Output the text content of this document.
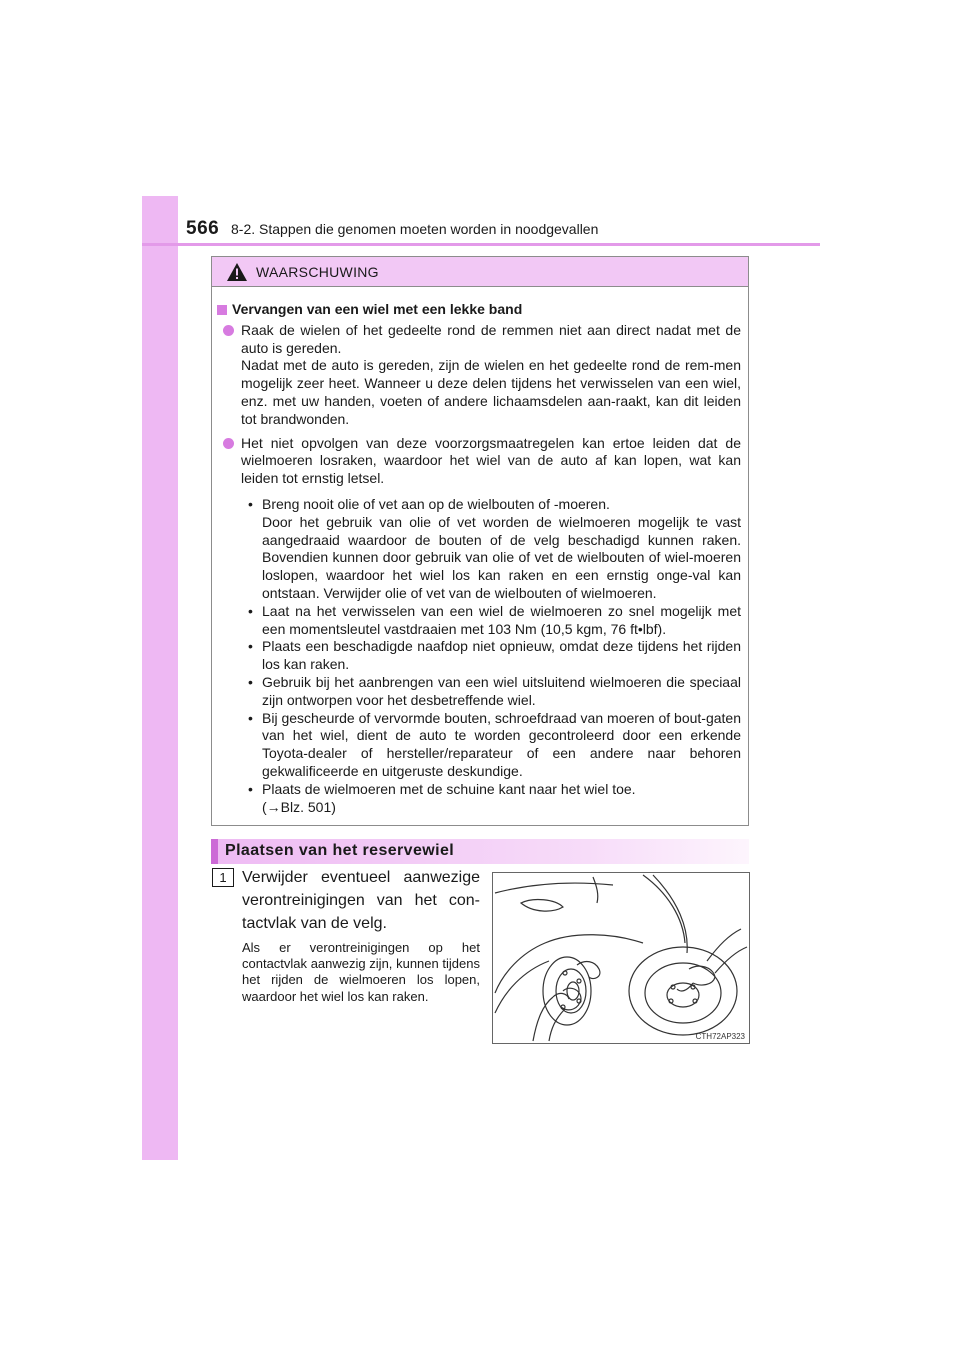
566 8-2. Stappen die genomen moeten worden in noodgevallen
WAARSCHUWING
Vervangen van een wiel met een lekke band

Raak de wielen of het gedeelte rond de remmen niet aan direct nadat met de auto is gereden.

Nadat met de auto is gereden, zijn de wielen en het gedeelte rond de rem-men mogelijk zeer heet. Wanneer u deze delen tijdens het verwisselen van een wiel, enz. met uw handen, voeten of andere lichaamsdelen aan-raakt, kan dit leiden tot brandwonden.

Het niet opvolgen van deze voorzorgsmaatregelen kan ertoe leiden dat de wielmoeren losraken, waardoor het wiel van de auto af kan lopen, wat kan leiden tot ernstig letsel.

• Breng nooit olie of vet aan op de wielbouten of -moeren.

Door het gebruik van olie of vet worden de wielmoeren mogelijk te vast aangedraaid waardoor de bouten of de velg beschadigd kunnen raken. Bovendien kunnen door gebruik van olie of vet de wielbouten of wiel-moeren loslopen, waardoor het wiel los kan raken en een ernstig onge-val kan ontstaan. Verwijder olie of vet van de wielbouten of wielmoeren.

• Laat na het verwisselen van een wiel de wielmoeren zo snel mogelijk met een momentsleutel vastdraaien met 103 Nm (10,5 kgm, 76 ft•lbf).

• Plaats een beschadigde naafdop niet opnieuw, omdat deze tijdens het rijden los kan raken.

• Gebruik bij het aanbrengen van een wiel uitsluitend wielmoeren die speciaal zijn ontworpen voor het desbetreffende wiel.

• Bij gescheurde of vervormde bouten, schroefdraad van moeren of bout-gaten van het wiel, dient de auto te worden gecontroleerd door een erkende Toyota-dealer of hersteller/reparateur of een andere naar behoren gekwalificeerde en uitgeruste deskundige.

• Plaats de wielmoeren met de schuine kant naar het wiel toe.

(→Blz. 501)

Plaatsen van het reservewiel
1 Verwijder eventueel aanwezige verontreinigingen van het con-tactvlak van de velg.
Als er verontreinigingen op het contactvlak aanwezig zijn, kunnen tijdens het rijden de wielmoeren los lopen, waardoor het wiel los kan raken.
CTH72AP323
